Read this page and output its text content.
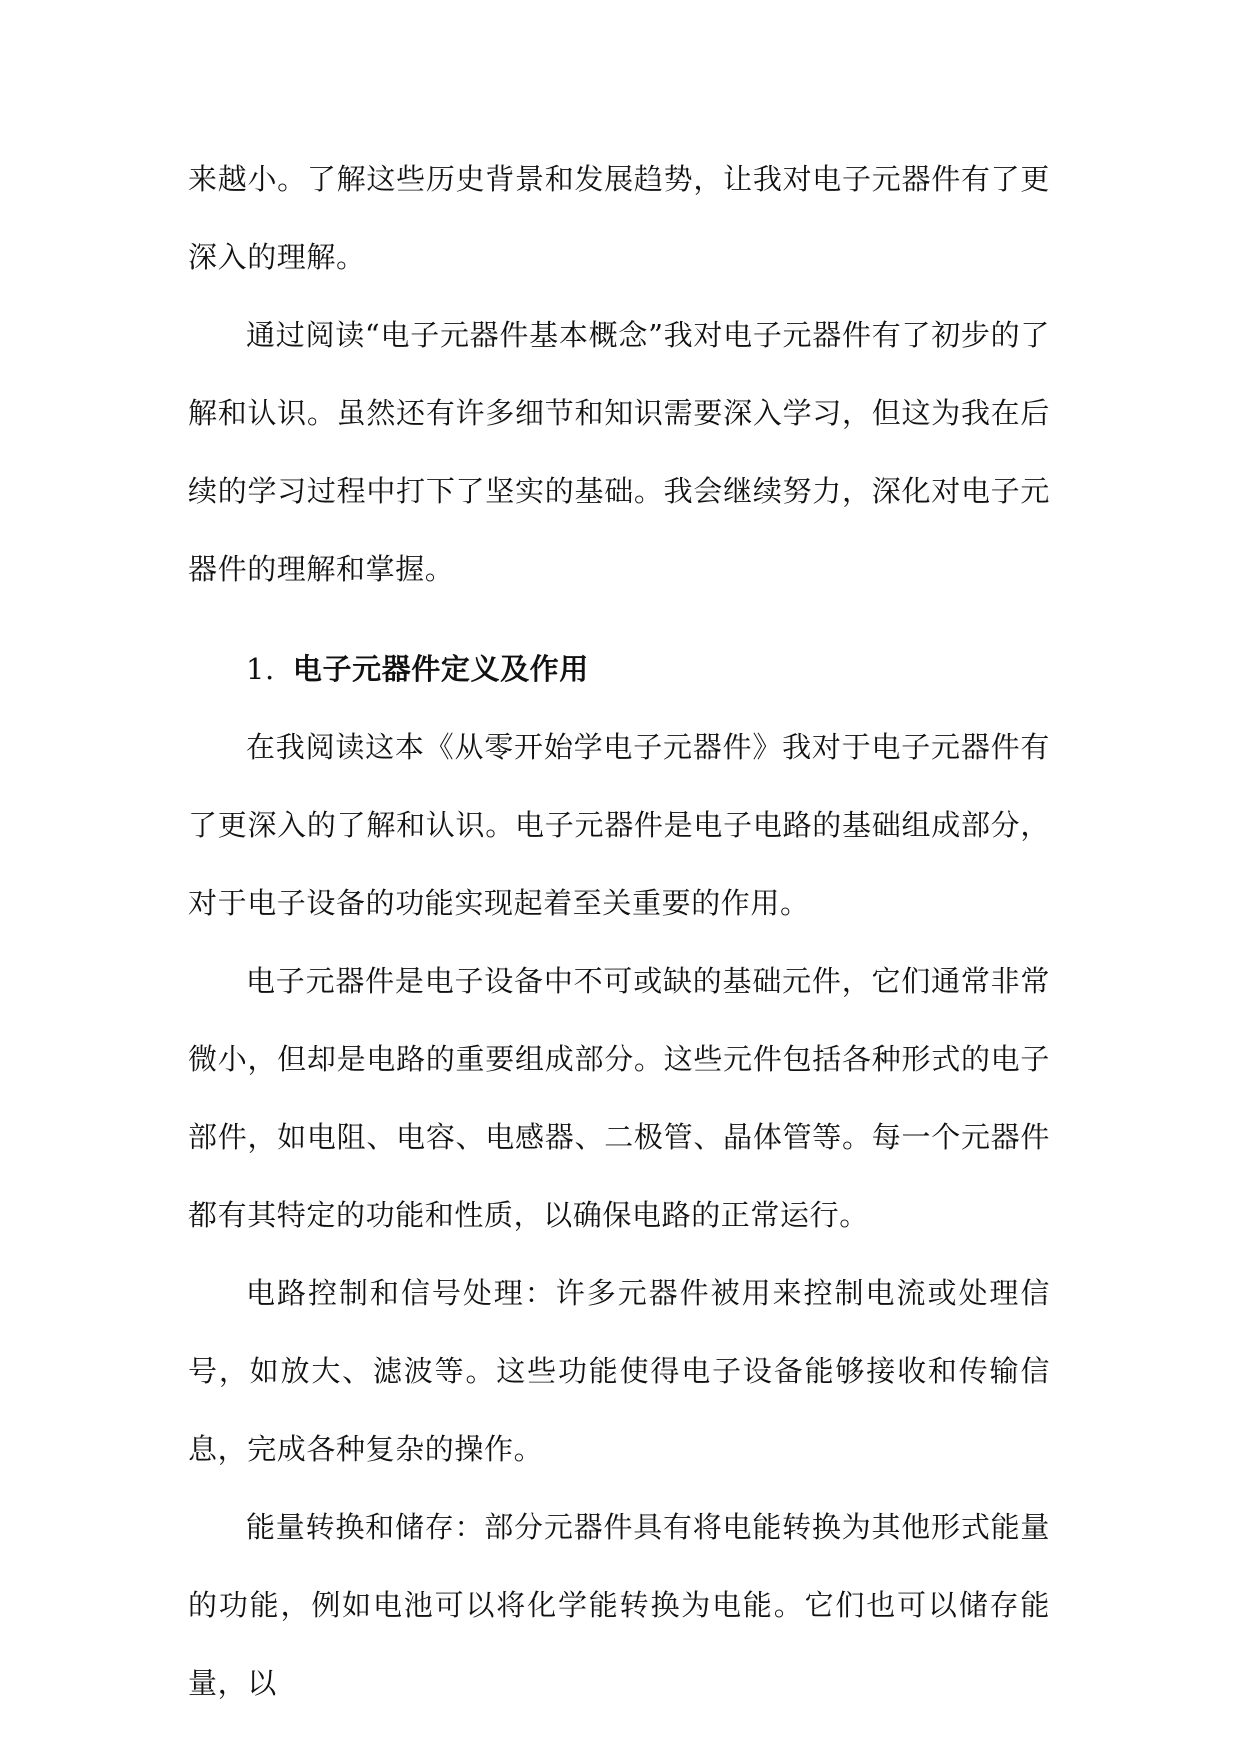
来越小。了解这些历史背景和发展趋势，让我对电子元器件有了更深入的理解。

通过阅读“电子元器件基本概念”我对电子元器件有了初步的了解和认识。虽然还有许多细节和知识需要深入学习，但这为我在后续的学习过程中打下了坚实的基础。我会继续努力，深化对电子元器件的理解和掌握。

1. 电子元器件定义及作用

在我阅读这本《从零开始学电子元器件》我对于电子元器件有了更深入的了解和认识。电子元器件是电子电路的基础组成部分，对于电子设备的功能实现起着至关重要的作用。

电子元器件是电子设备中不可或缺的基础元件，它们通常非常微小，但却是电路的重要组成部分。这些元件包括各种形式的电子部件，如电阻、电容、电感器、二极管、晶体管等。每一个元器件都有其特定的功能和性质，以确保电路的正常运行。

电路控制和信号处理：许多元器件被用来控制电流或处理信号，如放大、滤波等。这些功能使得电子设备能够接收和传输信息，完成各种复杂的操作。

能量转换和储存：部分元器件具有将电能转换为其他形式能量的功能，例如电池可以将化学能转换为电能。它们也可以储存能量，以
